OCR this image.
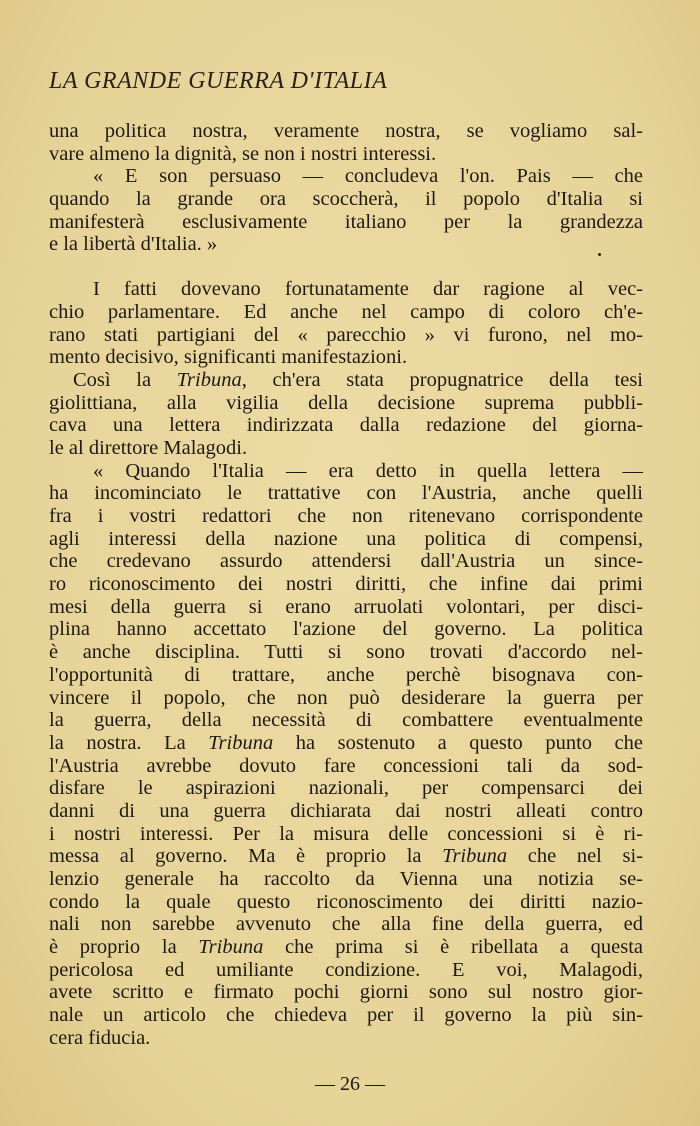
LA GRANDE GUERRA D'ITALIA
una politica nostra, veramente nostra, se vogliamo sal-
vare almeno la dignità, se non i nostri interessi.
« E son persuaso — concludeva l'on. Pais — che
quando la grande ora scoccherà, il popolo d'Italia si
manifesterà esclusivamente italiano per la grandezza
e la libertà d'Italia. »
I fatti dovevano fortunatamente dar ragione al vec-
chio parlamentare. Ed anche nel campo di coloro ch'e-
rano stati partigiani del « parecchio » vi furono, nel mo-
mento decisivo, significanti manifestazioni.
Così la Tribuna, ch'era stata propugnatrice della tesi
giolittiana, alla vigilia della decisione suprema pubbli-
cava una lettera indirizzata dalla redazione del giorna-
le al direttore Malagodi.
« Quando l'Italia — era detto in quella lettera —
ha incominciato le trattative con l'Austria, anche quelli
fra i vostri redattori che non ritenevano corrispondente
agli interessi della nazione una politica di compensi,
che credevano assurdo attendersi dall'Austria un since-
ro riconoscimento dei nostri diritti, che infine dai primi
mesi della guerra si erano arruolati volontari, per disci-
plina hanno accettato l'azione del governo. La politica
è anche disciplina. Tutti si sono trovati d'accordo nel-
l'opportunità di trattare, anche perchè bisognava con-
vincere il popolo, che non può desiderare la guerra per
la guerra, della necessità di combattere eventualmente
la nostra. La Tribuna ha sostenuto a questo punto che
l'Austria avrebbe dovuto fare concessioni tali da sod-
disfare le aspirazioni nazionali, per compensarci dei
danni di una guerra dichiarata dai nostri alleati contro
i nostri interessi. Per la misura delle concessioni si è ri-
messa al governo. Ma è proprio la Tribuna che nel si-
lenzio generale ha raccolto da Vienna una notizia se-
condo la quale questo riconoscimento dei diritti nazio-
nali non sarebbe avvenuto che alla fine della guerra, ed
è proprio la Tribuna che prima si è ribellata a questa
pericolosa ed umiliante condizione. E voi, Malagodi,
avete scritto e firmato pochi giorni sono sul nostro gior-
nale un articolo che chiedeva per il governo la più sin-
cera fiducia.
— 26 —
